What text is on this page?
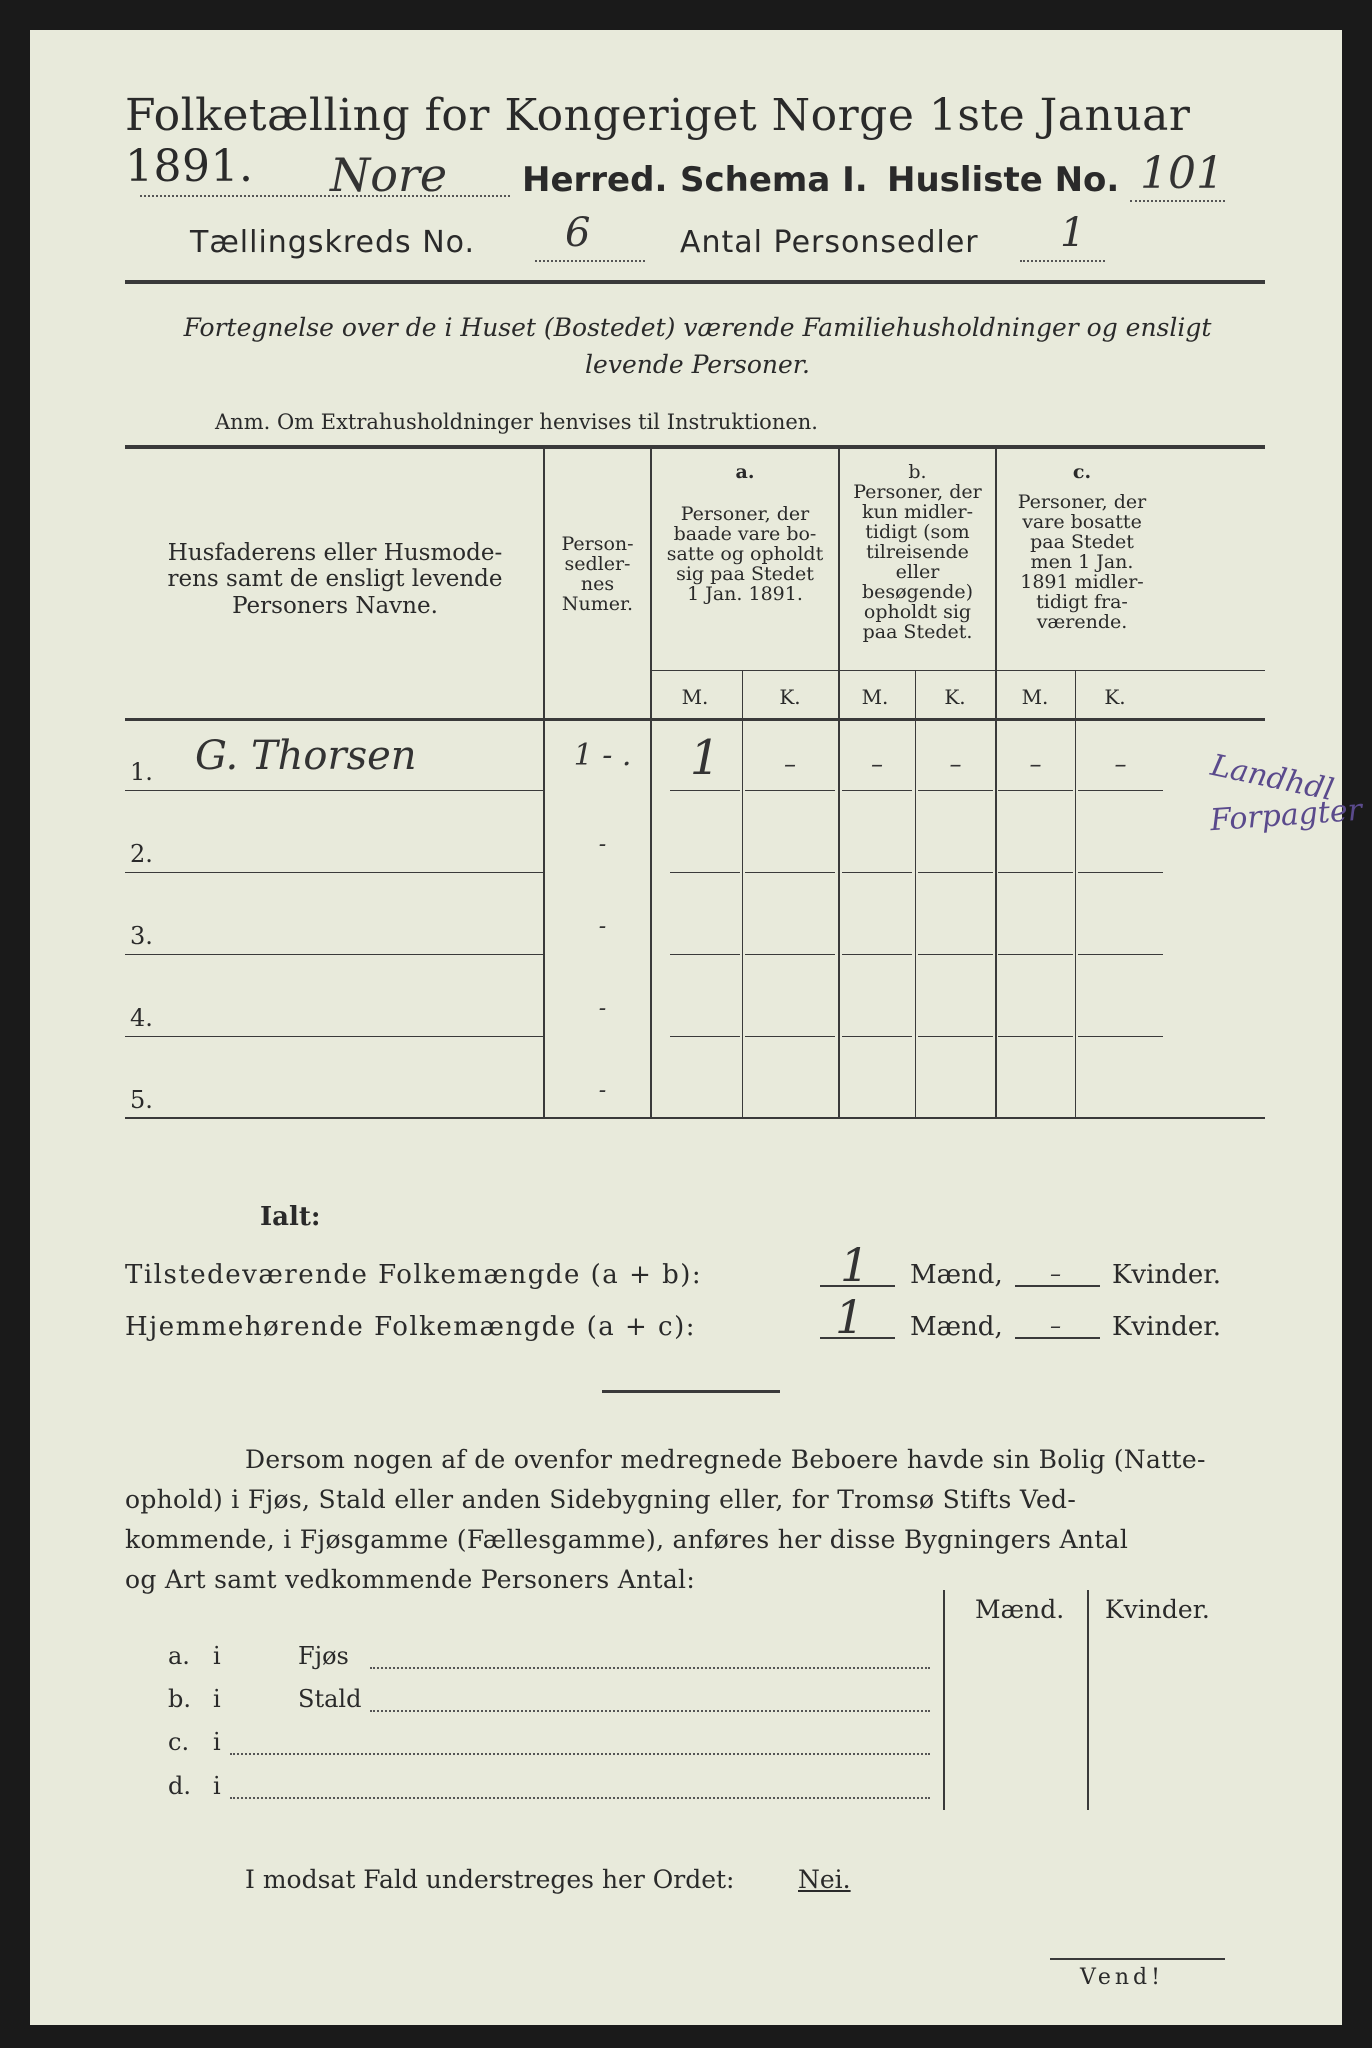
Folketælling for Kongeriget Norge 1ste Januar 1891.	Nore Herred. Schema I. Husliste No. 101
Tællingskreds No. 6	Antal Personsedler 1
Fortegnelse over de i Huset (Bostedet) værende Familiehusholdninger og ensligt
levende Personer.
Anm. Om Extrahusholdninger henvises til Instruktionen.
Husfaderens eller Husmode-
rens samt de ensligt levende
Personers Navne.
Person-
sedler-
nes
Numer.
a.
Personer, der
baade vare bo-
satte og opholdt
sig paa Stedet
1 Jan. 1891.
b.
Personer, der
kun midler-
tidigt (som
tilreisende
eller
besøgende)
opholdt sig
paa Stedet.
c.
Personer, der
vare bosatte
paa Stedet
men 1 Jan.
1891 midler-
tidigt fra-
værende.
M.	K.	M.	K.	M.	K.
1. G. Thorsen	1 - .	1	–	–	–	–	–
2.	-
3.	-
4.	-
5.	-
Landhdl
Forpagter
Ialt:
Tilstedeværende Folkemængde (a + b):	1 Mænd, – Kvinder.
Hjemmehørende Folkemængde (a + c):	1 Mænd, – Kvinder.
Dersom nogen af de ovenfor medregnede Beboere havde sin Bolig (Natte-
ophold) i Fjøs, Stald eller anden Sidebygning eller, for Tromsø Stifts Ved-
kommende, i Fjøsgamme (Fællesgamme), anføres her disse Bygningers Antal
og Art samt vedkommende Personers Antal:
Mænd. Kvinder.
a. i	Fjøs
b. i	Stald
c. i
d. i
I modsat Fald understreges her Ordet:	Nei.
Vend!
